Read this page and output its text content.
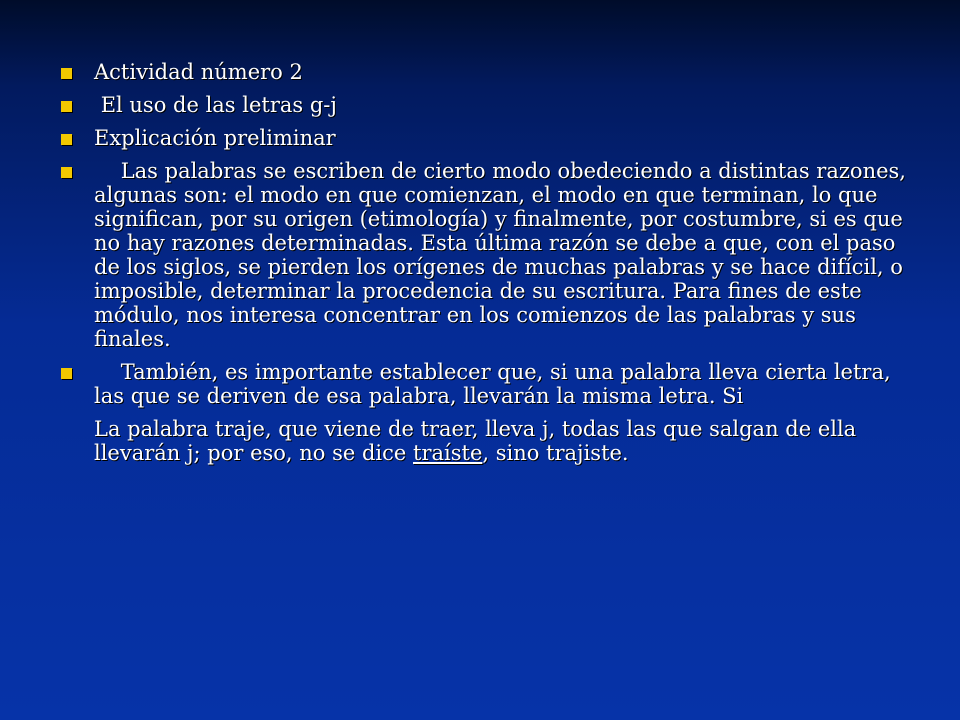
Actividad número 2
El uso de las letras g-j
Explicación preliminar
Las palabras se escriben de cierto modo obedeciendo a distintas razones, algunas son: el modo en que comienzan, el modo en que terminan, lo que significan, por su origen (etimología) y finalmente, por costumbre, si es que no hay razones determinadas. Esta última razón se debe a que, con el paso de los siglos, se pierden los orígenes de muchas palabras y se hace difícil, o imposible, determinar la procedencia de su escritura. Para fines de este módulo, nos interesa concentrar en los comienzos de las palabras y sus finales.
También, es importante establecer que, si una palabra lleva cierta letra, las que se deriven de esa palabra, llevarán la misma letra. Si
La palabra traje, que viene de traer, lleva j, todas las que salgan de ella llevarán j; por eso, no se dice traíste, sino trajiste.
